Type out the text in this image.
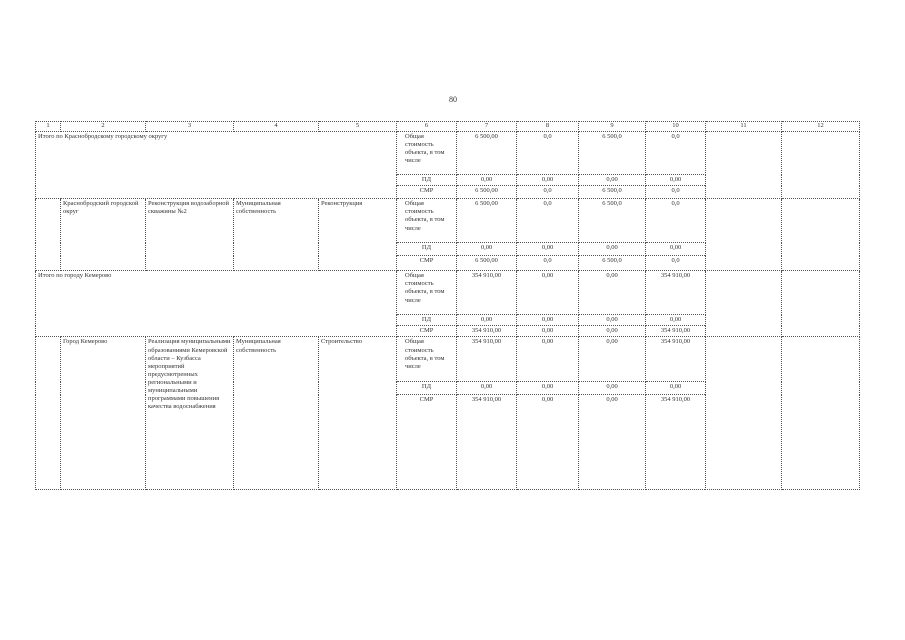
80
1	2	3	4	5	6	7	8	9	10	11	12
Итого по Краснобродскому городскому округу					Общая стоимость объекта, в том числе	6 500,00	0,0	6 500,0	0,0		
					ПД	0,00	0,00	0,00	0,00		
					СМР	6 500,00	0,0	6 500,0	0,0		
	Краснобродский городской округ	Реконструкция водозаборной скважины №2	Муниципальная собственность	Реконструкция	Общая стоимость объекта, в том числе	6 500,00	0,0	6 500,0	0,0		
					ПД	0,00	0,00	0,00	0,00		
					СМР	6 500,00	0,0	6 500,0	0,0		
Итого по городу Кемерово					Общая стоимость объекта, в том числе	354 910,00	0,00	0,00	354 910,00		
					ПД	0,00	0,00	0,00	0,00		
					СМР	354 910,00	0,00	0,00	354 910,00		
	Город Кемерово	Реализация муниципальными образованиями Кемеровской области – Кузбасса мероприятий предусмотренных региональными и муниципальными программами повышения качества водоснабжения	Муниципальная собственность	Строительство	Общая стоимость объекта, в том числе	354 910,00	0,00	0,00	354 910,00		
					ПД	0,00	0,00	0,00	0,00		
					СМР	354 910,00	0,00	0,00	354 910,00		
